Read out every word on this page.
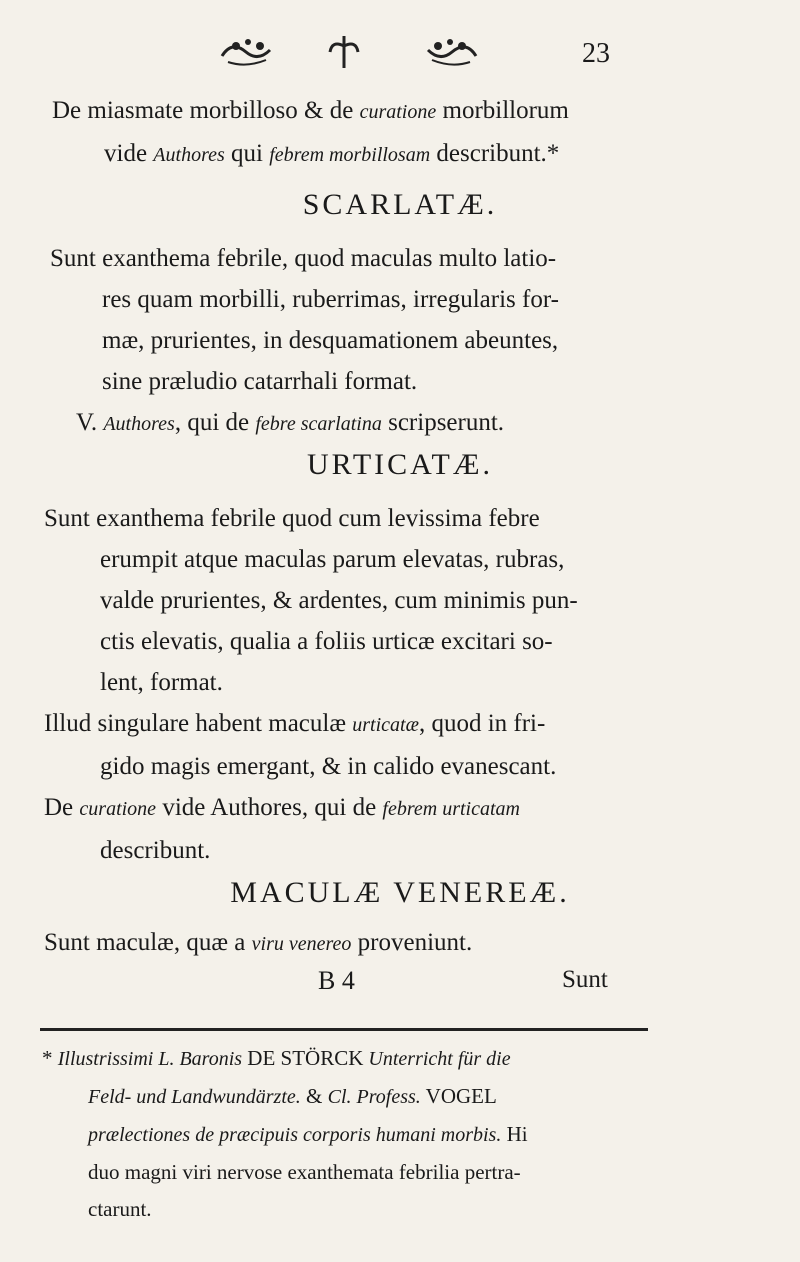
23
De miasmate morbilloso & de curatione morbillorum
vide Authores qui febrem morbillosam describunt.*
SCARLATÆ.
Sunt exanthema febrile, quod maculas multo latio-
res quam morbilli, ruberrimas, irregularis for-
mæ, prurientes, in desquamationem abeuntes,
sine præludio catarrhali format.
V. Authores, qui de febre scarlatina scripserunt.
URTICATÆ.
Sunt exanthema febrile quod cum levissima febre
erumpit atque maculas parum elevatas, rubras,
valde prurientes, & ardentes, cum minimis pun-
ctis elevatis, qualia a foliis urticæ excitari so-
lent, format.
Illud singulare habent maculæ urticatæ, quod in fri-
gido magis emergant, & in calido evanescant.
De curatione vide Authores, qui de febrem urticatam
describunt.
MACULÆ VENEREÆ.
Sunt maculæ, quæ a viru venereo proveniunt.
B 4	Sunt
* Illustrissimi L. Baronis DE STÖRCK Unterricht für die
Feld- und Landwundärzte. & Cl. Profess. VOGEL
prælectiones de præcipuis corporis humani morbis. Hi
duo magni viri nervose exanthemata febrilia pertra-
ctarunt.
